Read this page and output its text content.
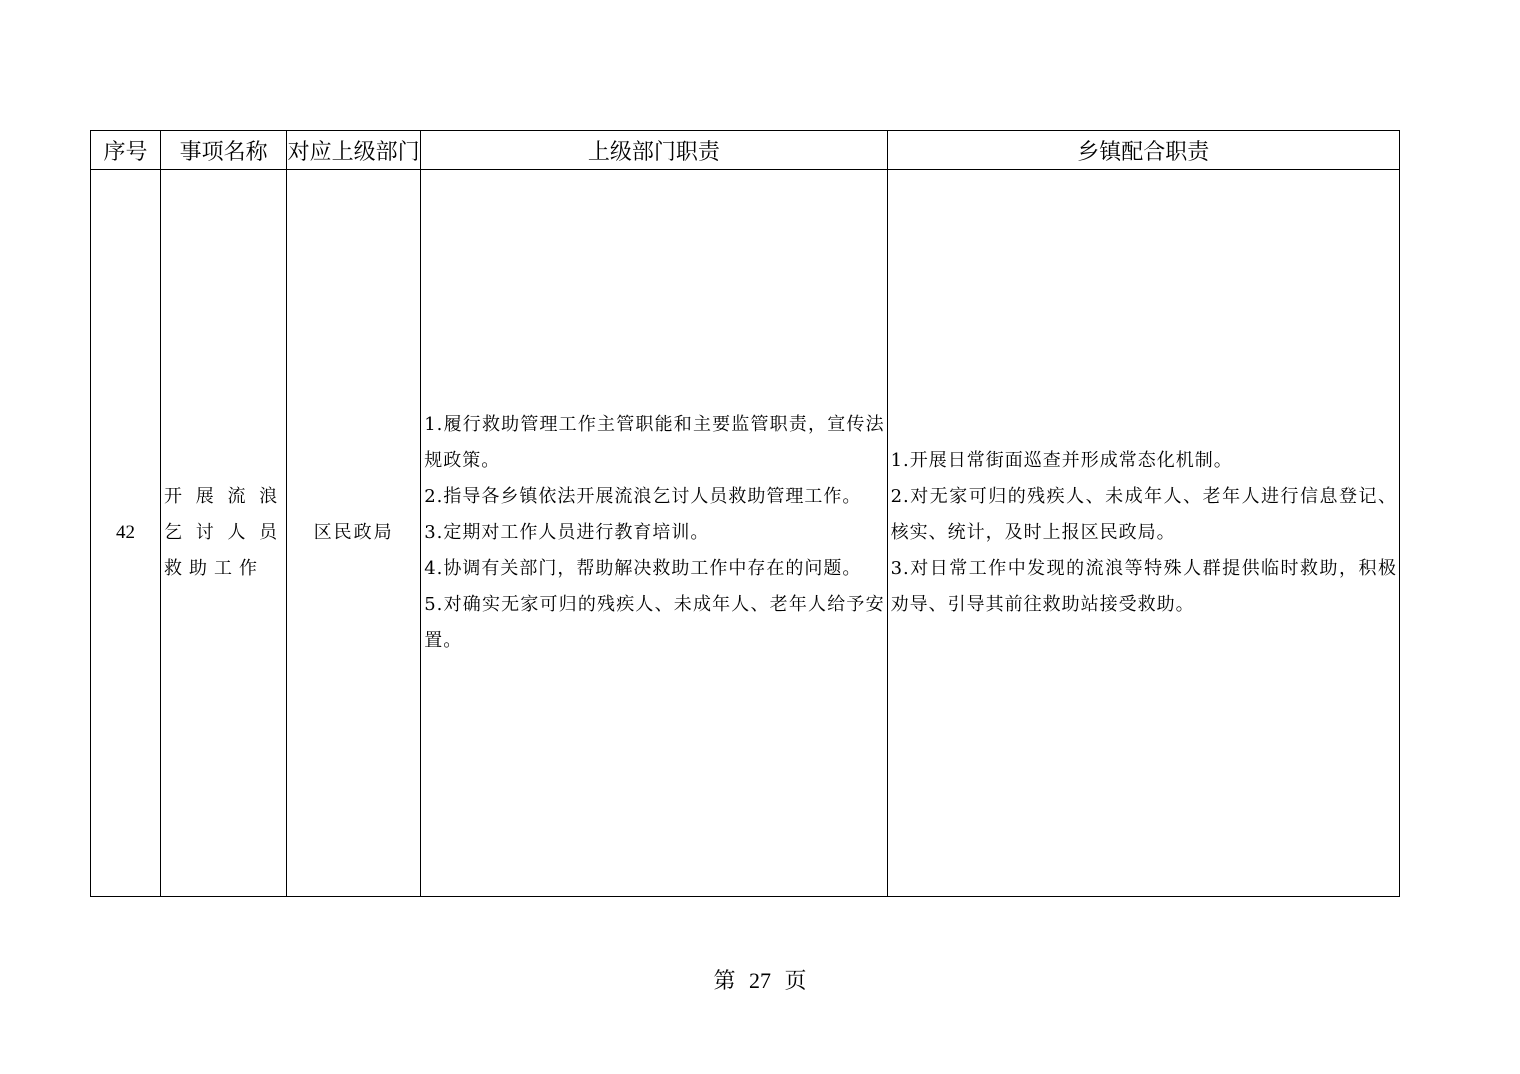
序号	事项名称	对应上级部门	上级部门职责	乡镇配合职责
42	开展流浪乞讨人员救助工作	区民政局	1.履行救助管理工作主管职能和主要监管职责，宣传法规政策。
2.指导各乡镇依法开展流浪乞讨人员救助管理工作。
3.定期对工作人员进行教育培训。
4.协调有关部门，帮助解决救助工作中存在的问题。
5.对确实无家可归的残疾人、未成年人、老年人给予安置。	1.开展日常街面巡查并形成常态化机制。
2.对无家可归的残疾人、未成年人、老年人进行信息登记、核实、统计，及时上报区民政局。
3.对日常工作中发现的流浪等特殊人群提供临时救助，积极劝导、引导其前往救助站接受救助。
第 27 页
